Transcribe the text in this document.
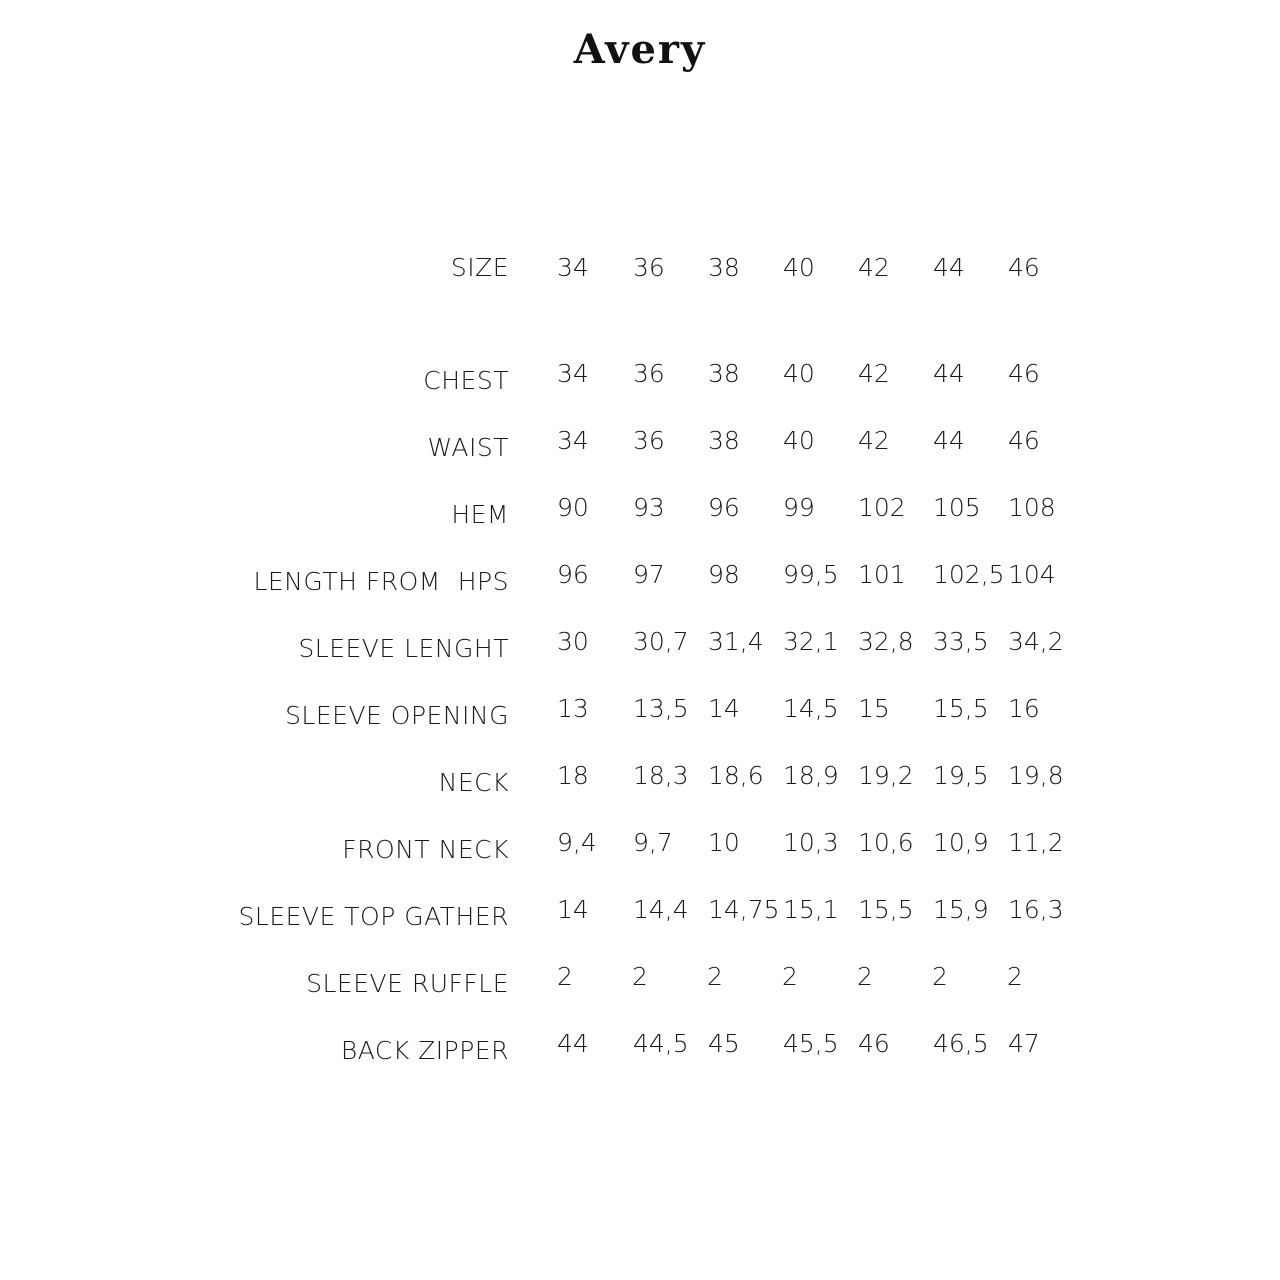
Avery
SIZE 34 36 38 40 42 44 46
CHEST 34 36 38 40 42 44 46
WAIST 34 36 38 40 42 44 46
HEM 90 93 96 99 102 105 108
LENGTH FROM  HPS 96 97 98 99,5 101 102,5 104
SLEEVE LENGHT 30 30,7 31,4 32,1 32,8 33,5 34,2
SLEEVE OPENING 13 13,5 14 14,5 15 15,5 16
NECK 18 18,3 18,6 18,9 19,2 19,5 19,8
FRONT NECK 9,4 9,7 10 10,3 10,6 10,9 11,2
SLEEVE TOP GATHER 14 14,4 14,75 15,1 15,5 15,9 16,3
SLEEVE RUFFLE 2 2 2 2 2 2 2
BACK ZIPPER 44 44,5 45 45,5 46 46,5 47
